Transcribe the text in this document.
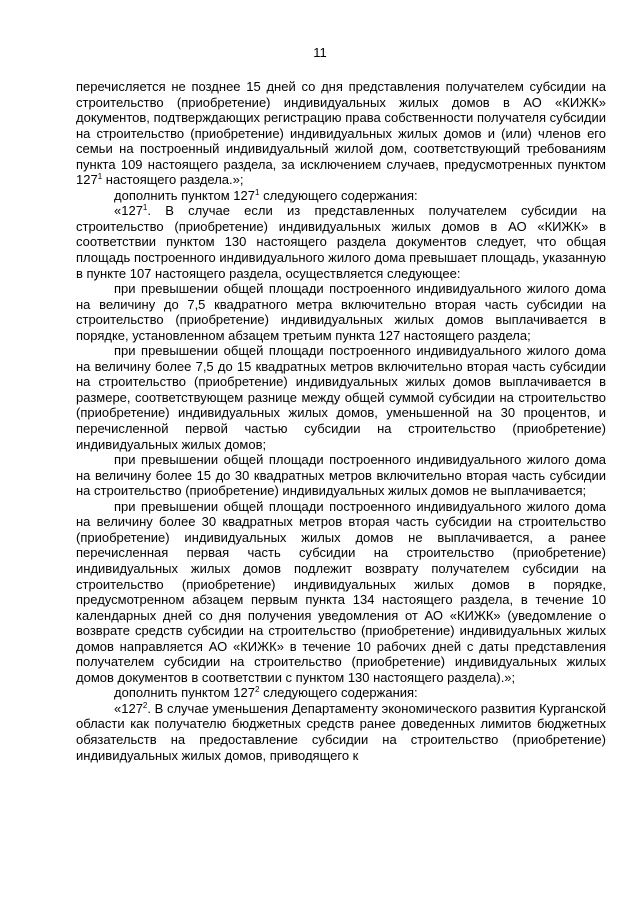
11

перечисляется не позднее 15 дней со дня представления получателем субсидии на строительство (приобретение) индивидуальных жилых домов в АО «КИЖК» документов, подтверждающих регистрацию права собственности получателя субсидии на строительство (приобретение) индивидуальных жилых домов и (или) членов его семьи на построенный индивидуальный жилой дом, соответствующий требованиям пункта 109 настоящего раздела, за исключением случаев, предусмотренных пунктом $127^1$ настоящего раздела.»;

дополнить пунктом $127^1$ следующего содержания:

«$127^1$. В случае если из представленных получателем субсидии на строительство (приобретение) индивидуальных жилых домов в АО «КИЖК» в соответствии пунктом 130 настоящего раздела документов следует, что общая площадь построенного индивидуального жилого дома превышает площадь, указанную в пункте 107 настоящего раздела, осуществляется следующее:

при превышении общей площади построенного индивидуального жилого дома на величину до 7,5 квадратного метра включительно вторая часть субсидии на строительство (приобретение) индивидуальных жилых домов выплачивается в порядке, установленном абзацем третьим пункта 127 настоящего раздела;

при превышении общей площади построенного индивидуального жилого дома на величину более 7,5 до 15 квадратных метров включительно вторая часть субсидии на строительство (приобретение) индивидуальных жилых домов выплачивается в размере, соответствующем разнице между общей суммой субсидии на строительство (приобретение) индивидуальных жилых домов, уменьшенной на 30 процентов, и перечисленной первой частью субсидии на строительство (приобретение) индивидуальных жилых домов;

при превышении общей площади построенного индивидуального жилого дома на величину более 15 до 30 квадратных метров включительно вторая часть субсидии на строительство (приобретение) индивидуальных жилых домов не выплачивается;

при превышении общей площади построенного индивидуального жилого дома на величину более 30 квадратных метров вторая часть субсидии на строительство (приобретение) индивидуальных жилых домов не выплачивается, а ранее перечисленная первая часть субсидии на строительство (приобретение) индивидуальных жилых домов подлежит возврату получателем субсидии на строительство (приобретение) индивидуальных жилых домов в порядке, предусмотренном абзацем первым пункта 134 настоящего раздела, в течение 10 календарных дней со дня получения уведомления от АО «КИЖК» (уведомление о возврате средств субсидии на строительство (приобретение) индивидуальных жилых домов направляется АО «КИЖК» в течение 10 рабочих дней с даты представления получателем субсидии на строительство (приобретение) индивидуальных жилых домов документов в соответствии с пунктом 130 настоящего раздела).»;

дополнить пунктом $127^2$ следующего содержания:

«$127^2$. В случае уменьшения Департаменту экономического развития Курганской области как получателю бюджетных средств ранее доведенных лимитов бюджетных обязательств на предоставление субсидии на строительство (приобретение) индивидуальных жилых домов, приводящего к
